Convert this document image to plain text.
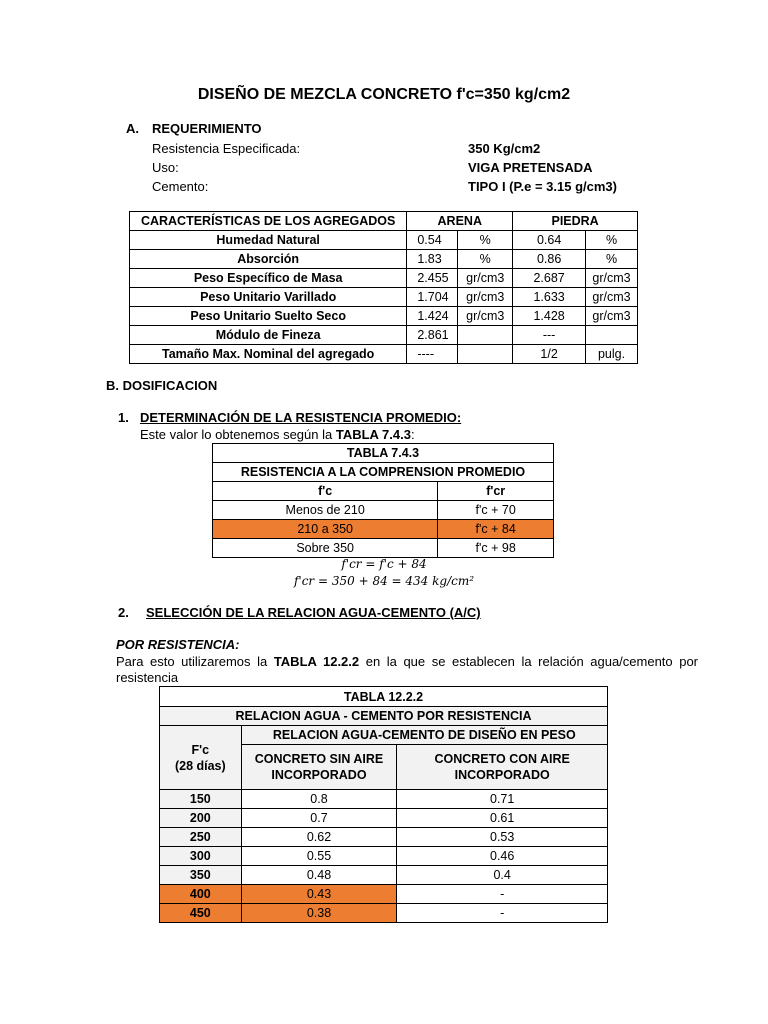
DISEÑO DE MEZCLA CONCRETO f'c=350 kg/cm2
A. REQUERIMIENTO
Resistencia Especificada:	350 Kg/cm2
Uso:	VIGA PRETENSADA
Cemento:	TIPO I (P.e = 3.15 g/cm3)
CARACTERÍSTICAS DE LOS AGREGADOS	ARENA		PIEDRA	
Humedad Natural	0.54	%	0.64	%
Absorción	1.83	%	0.86	%
Peso Específico de Masa	2.455	gr/cm3	2.687	gr/cm3
Peso Unitario Varillado	1.704	gr/cm3	1.633	gr/cm3
Peso Unitario Suelto Seco	1.424	gr/cm3	1.428	gr/cm3
Módulo de Fineza	2.861		---	
Tamaño Max. Nominal del agregado	----		1/2	pulg.
B. DOSIFICACION
1. DETERMINACIÓN DE LA RESISTENCIA PROMEDIO:
Este valor lo obtenemos según la TABLA 7.4.3:
TABLA 7.4.3	
RESISTENCIA A LA COMPRENSION PROMEDIO	
f'c	f'cr
Menos de 210	f'c + 70
210 a 350	f'c + 84
Sobre 350	f'c + 98
f'cr = f'c + 84
f'cr = 350 + 84 = 434 kg/cm²
2. SELECCIÓN DE LA RELACION AGUA-CEMENTO (A/C)
POR RESISTENCIA:
Para esto utilizaremos la TABLA 12.2.2 en la que se establecen la relación agua/cemento por
resistencia
TABLA 12.2.2		
RELACION AGUA - CEMENTO POR RESISTENCIA		
F'c
(28 días)	RELACION AGUA-CEMENTO DE DISEÑO EN PESO	
	CONCRETO SIN AIRE INCORPORADO	CONCRETO CON AIRE INCORPORADO
150	0.8	0.71
200	0.7	0.61
250	0.62	0.53
300	0.55	0.46
350	0.48	0.4
400	0.43	-
450	0.38	-
